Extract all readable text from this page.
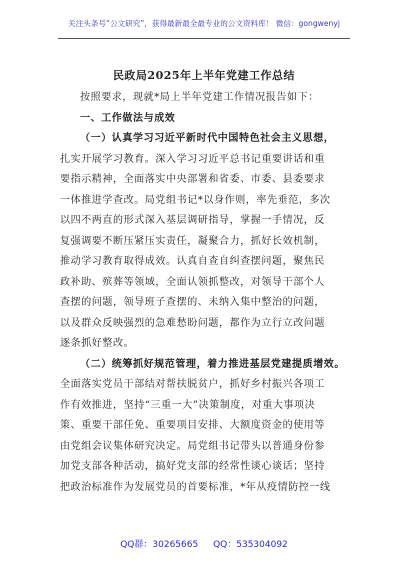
关注头条号“公文研究”，获得最新最全最专业的公文资料库！ 微信：gongwenyj
民政局2025年上半年党建工作总结
按照要求，现就*局上半年党建工作情况报告如下：
一、工作做法与成效
（一）认真学习习近平新时代中国特色社会主义思想，
扎实开展学习教育。深入学习习近平总书记重要讲话和重
要指示精神，全面落实中央部署和省委、市委、县委要求
一体推进学查改。局党组书记*以身作则，率先垂范，多次
以四不两直的形式深入基层调研指导，掌握一手情况，反
复强调要不断压紧压实责任，凝聚合力，抓好长效机制，
推动学习教育取得成效。认真自查自纠查摆问题，聚焦民
政补助、殡葬等领域，全面认领抓整改，对领导干部个人
查摆的问题，领导班子查摆的、未纳入集中整治的问题，
以及群众反映强烈的急难愁盼问题，都作为立行立改问题
逐条抓好整改。
（二）统筹抓好规范管理，着力推进基层党建提质增效。
全面落实党员干部结对帮扶脱贫户，抓好乡村振兴各项工
作有效推进，坚持“三重一大”决策制度，对重大事项决
策、重要干部任免、重要项目安排、大额度资金的使用等
由党组会议集体研究决定。局党组书记带头以普通身份参
加党支部各种活动，搞好党支部的经常性谈心谈话；坚持
把政治标准作为发展党员的首要标准，*年从疫情防控一线
QQ群：30265665 QQ：535304092
